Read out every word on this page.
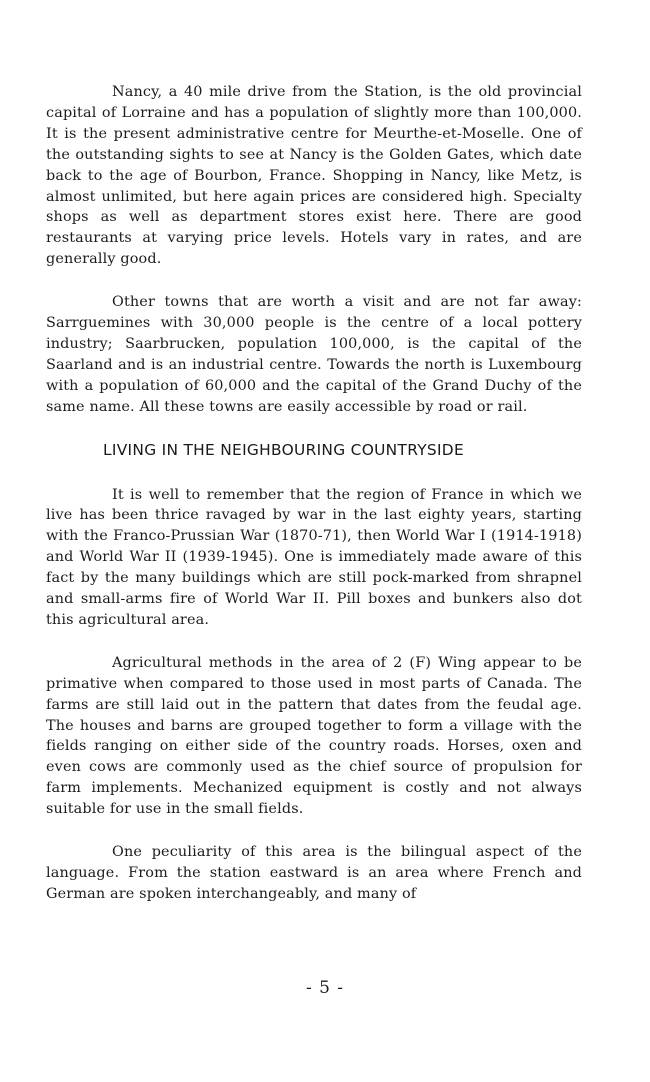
Nancy, a 40 mile drive from the Station, is the old provincial capital of Lorraine and has a population of slightly more than 100,000. It is the present administrative centre for Meurthe-et-Moselle. One of the outstanding sights to see at Nancy is the Golden Gates, which date back to the age of Bourbon, France. Shopping in Nancy, like Metz, is almost unlimited, but here again prices are considered high. Specialty shops as well as department stores exist here. There are good restaurants at varying price levels. Hotels vary in rates, and are generally good.

Other towns that are worth a visit and are not far away: Sarrguemines with 30,000 people is the centre of a local pottery industry; Saarbrucken, population 100,000, is the capital of the Saarland and is an industrial centre. Towards the north is Luxembourg with a population of 60,000 and the capital of the Grand Duchy of the same name. All these towns are easily accessible by road or rail.

LIVING IN THE NEIGHBOURING COUNTRYSIDE

It is well to remember that the region of France in which we live has been thrice ravaged by war in the last eighty years, starting with the Franco-Prussian War (1870-71), then World War I (1914-1918) and World War II (1939-1945). One is immediately made aware of this fact by the many buildings which are still pock-marked from shrapnel and small-arms fire of World War II. Pill boxes and bunkers also dot this agricultural area.

Agricultural methods in the area of 2 (F) Wing appear to be primative when compared to those used in most parts of Canada. The farms are still laid out in the pattern that dates from the feudal age. The houses and barns are grouped together to form a village with the fields ranging on either side of the country roads. Horses, oxen and even cows are commonly used as the chief source of propulsion for farm implements. Mechanized equipment is costly and not always suitable for use in the small fields.

One peculiarity of this area is the bilingual aspect of the language. From the station eastward is an area where French and German are spoken interchangeably, and many of

- 5 -
